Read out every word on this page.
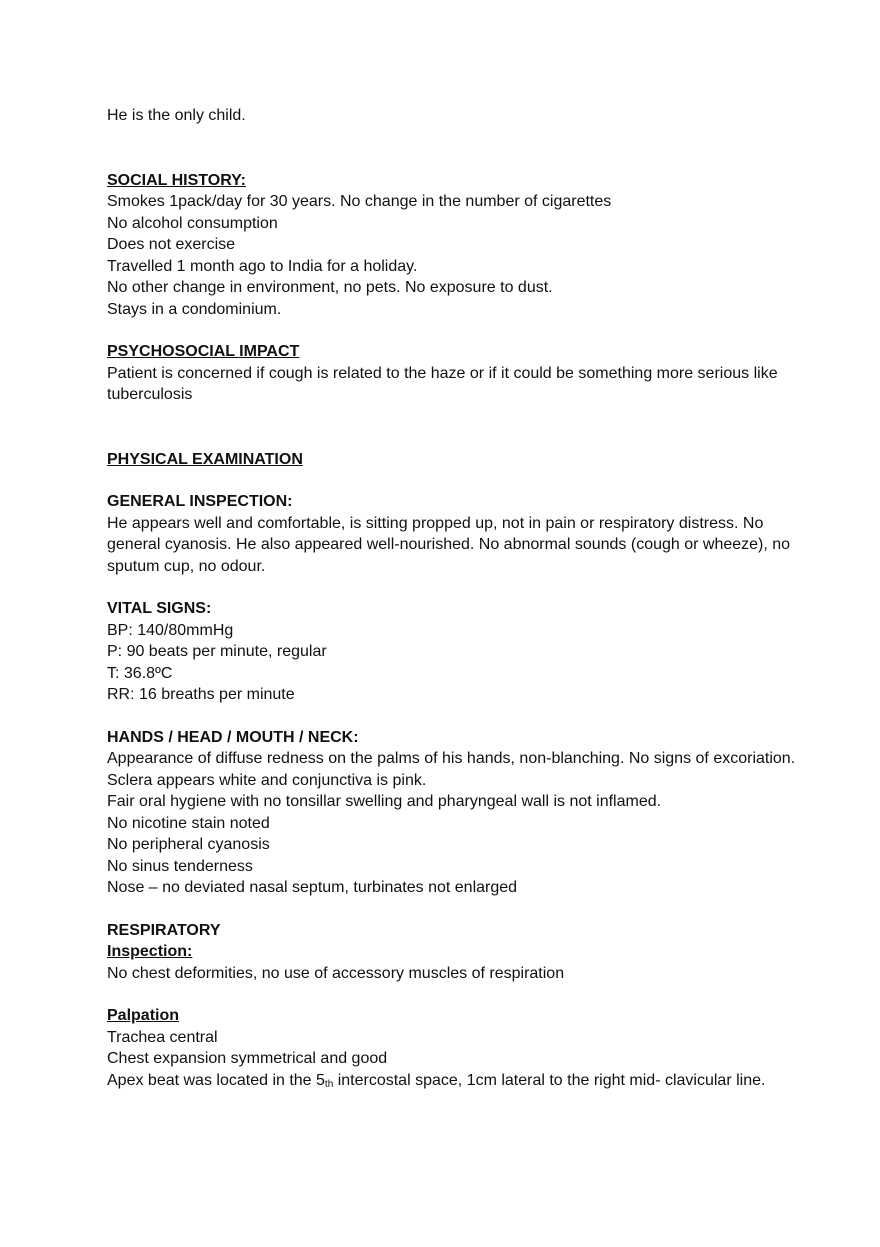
He is the only child.
SOCIAL HISTORY:
Smokes 1pack/day for 30 years. No change in the number of cigarettes
No alcohol consumption
Does not exercise
Travelled 1 month ago to India for a holiday.
No other change in environment, no pets. No exposure to dust.
Stays in a condominium.
PSYCHOSOCIAL IMPACT
Patient is concerned if cough is related to the haze or if it could be something more serious like tuberculosis
PHYSICAL EXAMINATION
GENERAL INSPECTION:
He appears well and comfortable, is sitting propped up, not in pain or respiratory distress. No general cyanosis. He also appeared well-nourished. No abnormal sounds (cough or wheeze), no sputum cup, no odour.
VITAL SIGNS:
BP: 140/80mmHg
P: 90 beats per minute, regular
T: 36.8ºC
RR: 16 breaths per minute
HANDS / HEAD / MOUTH / NECK:
Appearance of diffuse redness on the palms of his hands, non-blanching. No signs of excoriation.
Sclera appears white and conjunctiva is pink.
Fair oral hygiene with no tonsillar swelling and pharyngeal wall is not inflamed.
No nicotine stain noted
No peripheral cyanosis
No sinus tenderness
Nose – no deviated nasal septum, turbinates not enlarged
RESPIRATORY
Inspection:
No chest deformities, no use of accessory muscles of respiration
Palpation
Trachea central
Chest expansion symmetrical and good
Apex beat was located in the $5_{th}$ intercostal space, 1cm lateral to the right mid- clavicular line.
